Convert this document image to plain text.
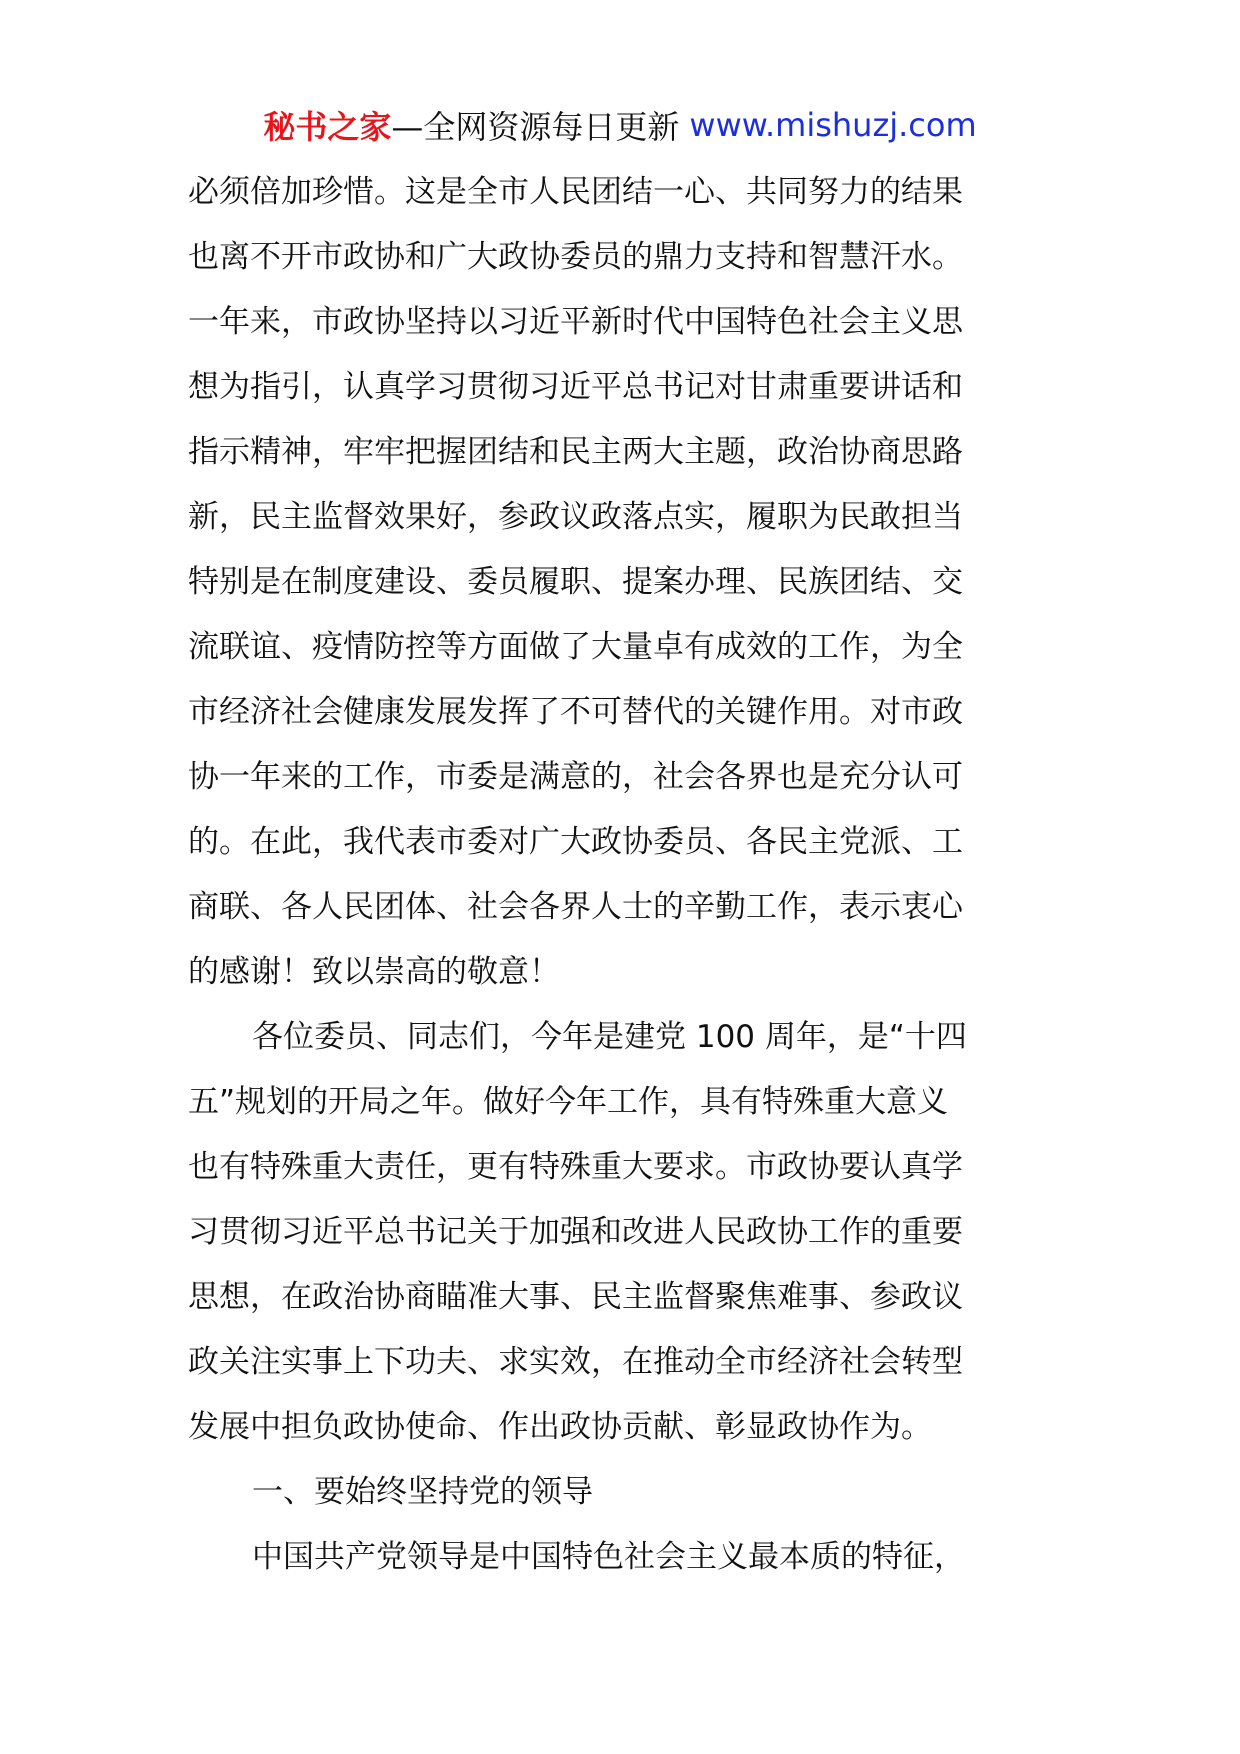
秘书之家 —全网资源每日更新 www.mishuzj.com
必须倍加珍惜。这是全市人民团结一心、共同努力的结果
也离不开市政协和广大政协委员的鼎力支持和智慧汗水。
一年来，市政协坚持以习近平新时代中国特色社会主义思
想为指引，认真学习贯彻习近平总书记对甘肃重要讲话和
指示精神，牢牢把握团结和民主两大主题，政治协商思路
新，民主监督效果好，参政议政落点实，履职为民敢担当
特别是在制度建设、委员履职、提案办理、民族团结、交
流联谊、疫情防控等方面做了大量卓有成效的工作，为全
市经济社会健康发展发挥了不可替代的关键作用。对市政
协一年来的工作，市委是满意的，社会各界也是充分认可
的。在此，我代表市委对广大政协委员、各民主党派、工
商联、各人民团体、社会各界人士的辛勤工作，表示衷心
的感谢！致以崇高的敬意！
各位委员、同志们，今年是建党 100 周年，是“十四
五”规划的开局之年。做好今年工作，具有特殊重大意义
也有特殊重大责任，更有特殊重大要求。市政协要认真学
习贯彻习近平总书记关于加强和改进人民政协工作的重要
思想，在政治协商瞄准大事、民主监督聚焦难事、参政议
政关注实事上下功夫、求实效，在推动全市经济社会转型
发展中担负政协使命、作出政协贡献、彰显政协作为。
一、要始终坚持党的领导
中国共产党领导是中国特色社会主义最本质的特征，
